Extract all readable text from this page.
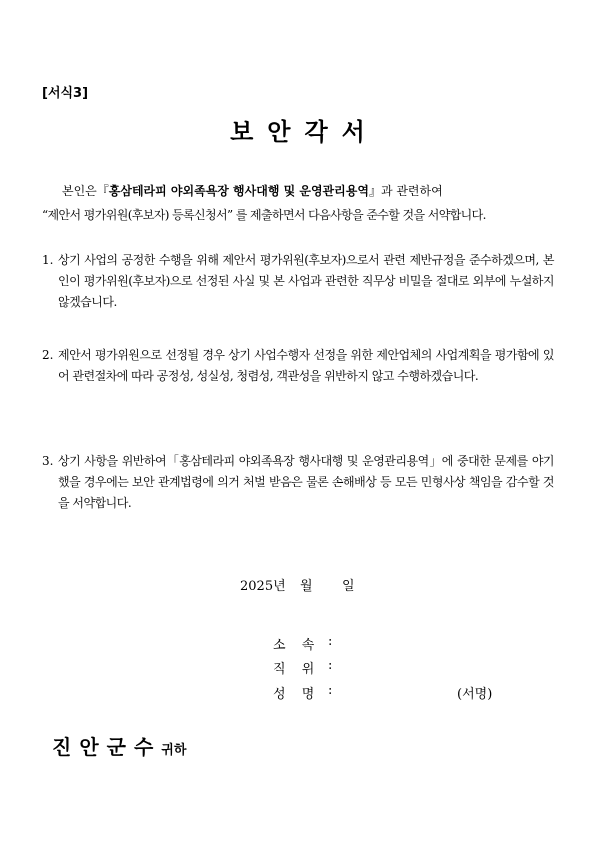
[서식3]
보안각서
본인은『홍삼테라피 야외족욕장 행사대행 및 운영관리용역』과 관련하여
“제안서 평가위원(후보자) 등록신청서” 를 제출하면서 다음사항을 준수할 것을 서약합니다.
1. 상기 사업의 공정한 수행을 위해 제안서 평가위원(후보자)으로서 관련 제반규정을 준수하겠으며, 본인이 평가위원(후보자)으로 선정된 사실 및 본 사업과 관련한 직무상 비밀을 절대로 외부에 누설하지 않겠습니다.
2. 제안서 평가위원으로 선정될 경우 상기 사업수행자 선정을 위한 제안업체의 사업계획을 평가함에 있어 관련절차에 따라 공정성, 성실성, 청렴성, 객관성을 위반하지 않고 수행하겠습니다.
3. 상기 사항을 위반하여「홍삼테라피 야외족욕장 행사대행 및 운영관리용역」에 중대한 문제를 야기했을 경우에는 보안 관계법령에 의거 처벌 받음은 물론 손해배상 등 모든 민형사상 책임을 감수할 것을 서약합니다.
2025년 월 일
소 속 :
직 위 :
성 명 :	(서명)
진안군수귀하
